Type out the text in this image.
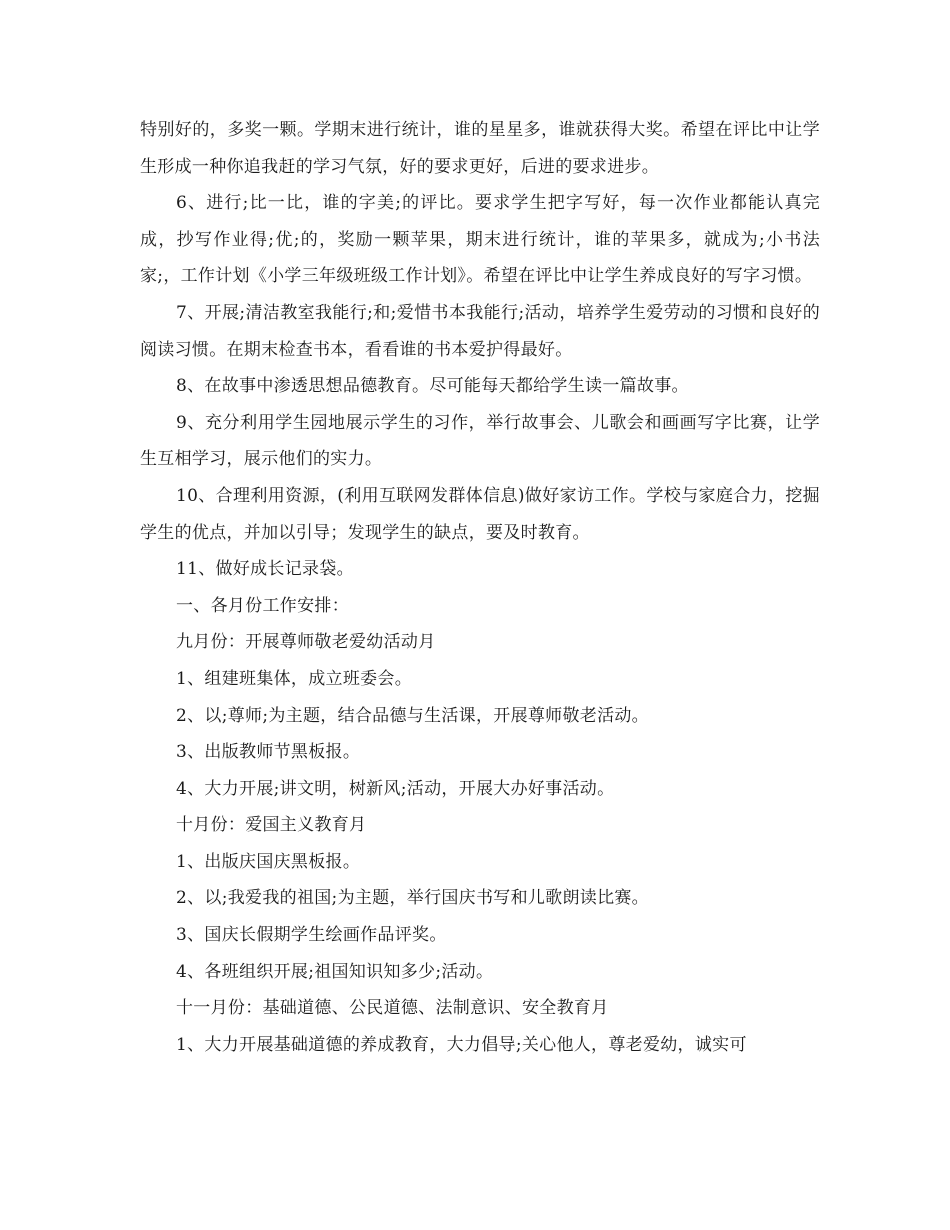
特别好的，多奖一颗。学期末进行统计，谁的星星多，谁就获得大奖。希望在评比中让学生形成一种你追我赶的学习气氛，好的要求更好，后进的要求进步。

6、进行;比一比，谁的字美;的评比。要求学生把字写好，每一次作业都能认真完成，抄写作业得;优;的，奖励一颗苹果，期末进行统计，谁的苹果多，就成为;小书法家;，工作计划《小学三年级班级工作计划》。希望在评比中让学生养成良好的写字习惯。

7、开展;清洁教室我能行;和;爱惜书本我能行;活动，培养学生爱劳动的习惯和良好的阅读习惯。在期末检查书本，看看谁的书本爱护得最好。

8、在故事中渗透思想品德教育。尽可能每天都给学生读一篇故事。

9、充分利用学生园地展示学生的习作，举行故事会、儿歌会和画画写字比赛，让学生互相学习，展示他们的实力。

10、合理利用资源，(利用互联网发群体信息)做好家访工作。学校与家庭合力，挖掘学生的优点，并加以引导；发现学生的缺点，要及时教育。

11、做好成长记录袋。

一、各月份工作安排：

九月份：开展尊师敬老爱幼活动月

1、组建班集体，成立班委会。

2、以;尊师;为主题，结合品德与生活课，开展尊师敬老活动。

3、出版教师节黑板报。

4、大力开展;讲文明，树新风;活动，开展大办好事活动。

十月份：爱国主义教育月

1、出版庆国庆黑板报。

2、以;我爱我的祖国;为主题，举行国庆书写和儿歌朗读比赛。

3、国庆长假期学生绘画作品评奖。

4、各班组织开展;祖国知识知多少;活动。

十一月份：基础道德、公民道德、法制意识、安全教育月

1、大力开展基础道德的养成教育，大力倡导;关心他人，尊老爱幼，诚实可
